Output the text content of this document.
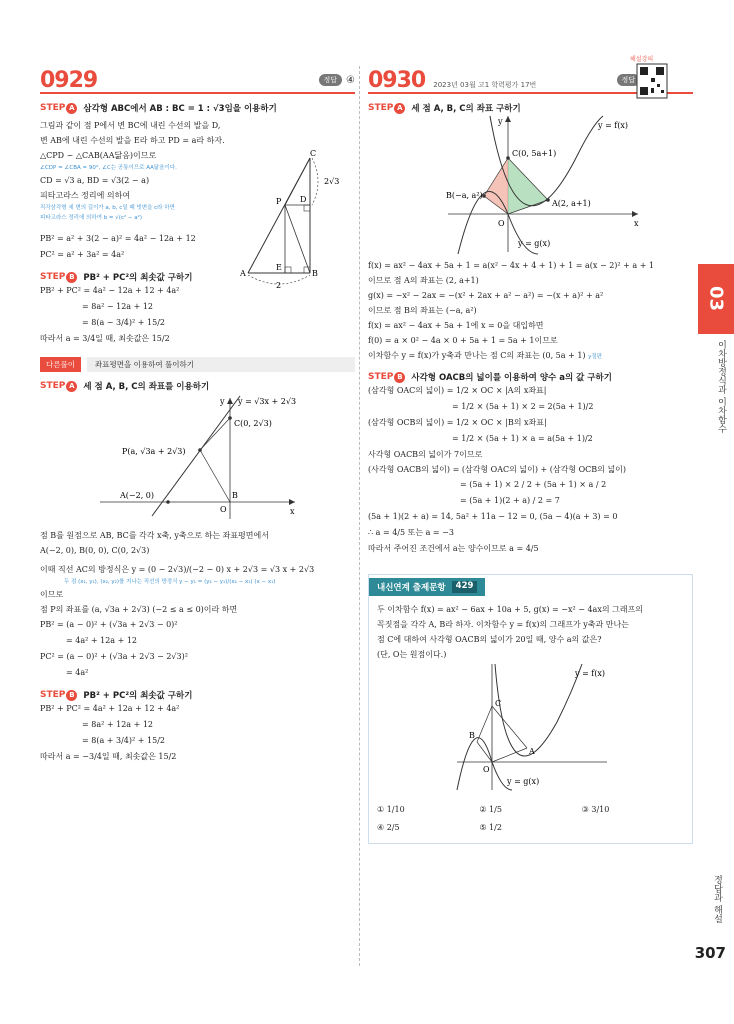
0929	정답 ④
STEP A	삼각형 ABC에서 AB : BC = 1 : √3임을 이용하기
그림과 같이 점 P에서 변 BC에 내린 수선의 발을 D,
변 AB에 내린 수선의 발을 E라 하고 PD = a라 하자.
△CPD ∽ △CAB(AA닮음)이므로
∠CDP = ∠CBA = 90°, ∠C는 공통이므로 AA닮음이다.
CD = √3 a, BD = √3(2 − a)
피타고라스 정리에 의하여
직각삼각형 세 변의 길이가 a, b, c일 때 빗변을 c라 하면
피타고라스 정리에 의하여 b = √(c² − a²)
C
P D
E
A	B
2√3
2
PB² = a² + 3(2 − a)² = 4a² − 12a + 12
PC² = a² + 3a² = 4a²
STEP B	PB² + PC²의 최솟값 구하기
PB² + PC² = 4a² − 12a + 12 + 4a²
= 8a² − 12a + 12
= 8(a − 3/4)² + 15/2
따라서 a = 3/4일 때, 최솟값은 15/2
다른풀이	좌표평면을 이용하여 풀이하기
STEP A	세 점 A, B, C의 좌표를 이용하기
y = √3x + 2√3
C(0, 2√3)
P(a, √3a + 2√3)
A(−2, 0)
O
B
x
y
점 B를 원점으로 AB, BC를 각각 x축, y축으로 하는 좌표평면에서
A(−2, 0), B(0, 0), C(0, 2√3)
이때 직선 AC의 방정식은 y = (0 − 2√3)/(−2 − 0) x + 2√3 = √3 x + 2√3
두 점 (x₁, y₁), (x₂, y₂)를 지나는 직선의 방정식 y − y₁ = (y₂ − y₁)/(x₂ − x₁) (x − x₁)
이므로
점 P의 좌표를 (a, √3a + 2√3) (−2 ≤ a ≤ 0)이라 하면
PB² = (a − 0)² + (√3a + 2√3 − 0)²
= 4a² + 12a + 12
PC² = (a − 0)² + (√3a + 2√3 − 2√3)²
= 4a²
STEP B	PB² + PC²의 최솟값 구하기
PB² + PC² = 4a² + 12a + 12 + 4a²
= 8a² + 12a + 12
= 8(a + 3/4)² + 15/2
따라서 a = −3/4일 때, 최솟값은 15/2
0930 2023년 03월 고1 학력평가 17번
정답
STEP A	세 점 A, B, C의 좌표 구하기
y = f(x)
C(0, 5a+1)
B(−a, a²)
A(2, a+1)
O
y = g(x)
x
y
f(x) = ax² − 4ax + 5a + 1 = a(x² − 4x + 4 + 1) + 1 = a(x − 2)² + a + 1
이므로 점 A의 좌표는 (2, a+1)
g(x) = −x² − 2ax = −(x² + 2ax + a² − a²) = −(x + a)² + a²
이므로 점 B의 좌표는 (−a, a²)
f(x) = ax² − 4ax + 5a + 1에 x = 0을 대입하면
f(0) = a × 0² − 4a × 0 + 5a + 1 = 5a + 1이므로
이차함수 y = f(x)가 y축과 만나는 점 C의 좌표는 (0, 5a + 1) y절편
STEP B	사각형 OACB의 넓이를 이용하여 양수 a의 값 구하기
(삼각형 OAC의 넓이) = 1/2 × OC × |A의 x좌표|
= 1/2 × (5a + 1) × 2 = 2(5a + 1)/2
(삼각형 OCB의 넓이) = 1/2 × OC × |B의 x좌표|
= 1/2 × (5a + 1) × a = a(5a + 1)/2
사각형 OACB의 넓이가 7이므로
(사각형 OACB의 넓이) = (삼각형 OAC의 넓이) + (삼각형 OCB의 넓이)
= (5a + 1) × 2 / 2 + (5a + 1) × a / 2
= (5a + 1)(2 + a) / 2 = 7
(5a + 1)(2 + a) = 14, 5a² + 11a − 12 = 0, (5a − 4)(a + 3) = 0
∴ a = 4/5 또는 a = −3
따라서 주어진 조건에서 a는 양수이므로 a = 4/5
내신연계 출제문항	429
두 이차함수 f(x) = ax² − 6ax + 10a + 5, g(x) = −x² − 4ax의 그래프의
꼭짓점을 각각 A, B라 하자. 이차함수 y = f(x)의 그래프가 y축과 만나는
점 C에 대하여 사각형 OACB의 넓이가 20일 때, 양수 a의 값은?
(단, O는 원점이다.)
y = f(x)
C
B
A
O
y = g(x)
① 1/10	② 1/5	③ 3/10
④ 2/5	⑤ 1/2
해설강의
03
이차방정식과 이차함수
정답과 해설
307
